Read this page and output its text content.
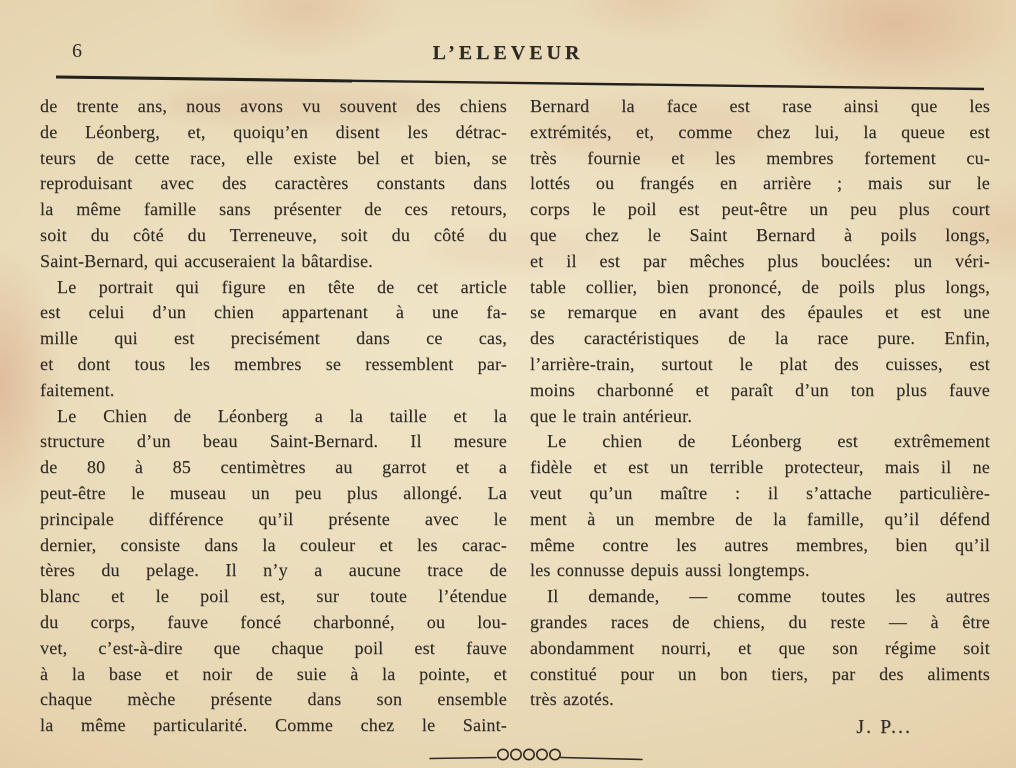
6	L’ELEVEUR
de trente ans, nous avons vu souvent des chiens
de Léonberg, et, quoiqu’en disent les détrac-
teurs de cette race, elle existe bel et bien, se
reproduisant avec des caractères constants dans
la même famille sans présenter de ces retours,
soit du côté du Terreneuve, soit du côté du
Saint-Bernard, qui accuseraient la bâtardise.
Le portrait qui figure en tête de cet article
est celui d’un chien appartenant à une fa-
mille qui est precisément dans ce cas,
et dont tous les membres se ressemblent par-
faitement.
Le Chien de Léonberg a la taille et la
structure d’un beau Saint-Bernard. Il mesure
de 80 à 85 centimètres au garrot et a
peut-être le museau un peu plus allongé. La
principale différence qu’il présente avec le
dernier, consiste dans la couleur et les carac-
tères du pelage. Il n’y a aucune trace de
blanc et le poil est, sur toute l’étendue
du corps, fauve foncé charbonné, ou lou-
vet, c’est-à-dire que chaque poil est fauve
à la base et noir de suie à la pointe, et
chaque mèche présente dans son ensemble
la même particularité. Comme chez le Saint-
Bernard la face est rase ainsi que les
extrémités, et, comme chez lui, la queue est
très fournie et les membres fortement cu-
lottés ou frangés en arrière ; mais sur le
corps le poil est peut-être un peu plus court
que chez le Saint Bernard à poils longs,
et il est par mêches plus bouclées: un véri-
table collier, bien prononcé, de poils plus longs,
se remarque en avant des épaules et est une
des caractéristiques de la race pure. Enfin,
l’arrière-train, surtout le plat des cuisses, est
moins charbonné et paraît d’un ton plus fauve
que le train antérieur.
Le chien de Léonberg est extrêmement
fidèle et est un terrible protecteur, mais il ne
veut qu’un maître : il s’attache particulière-
ment à un membre de la famille, qu’il défend
même contre les autres membres, bien qu’il
les connusse depuis aussi longtemps.
Il demande, — comme toutes les autres
grandes races de chiens, du reste — à être
abondamment nourri, et que son régime soit
constitué pour un bon tiers, par des aliments
très azotés.
J. P...
